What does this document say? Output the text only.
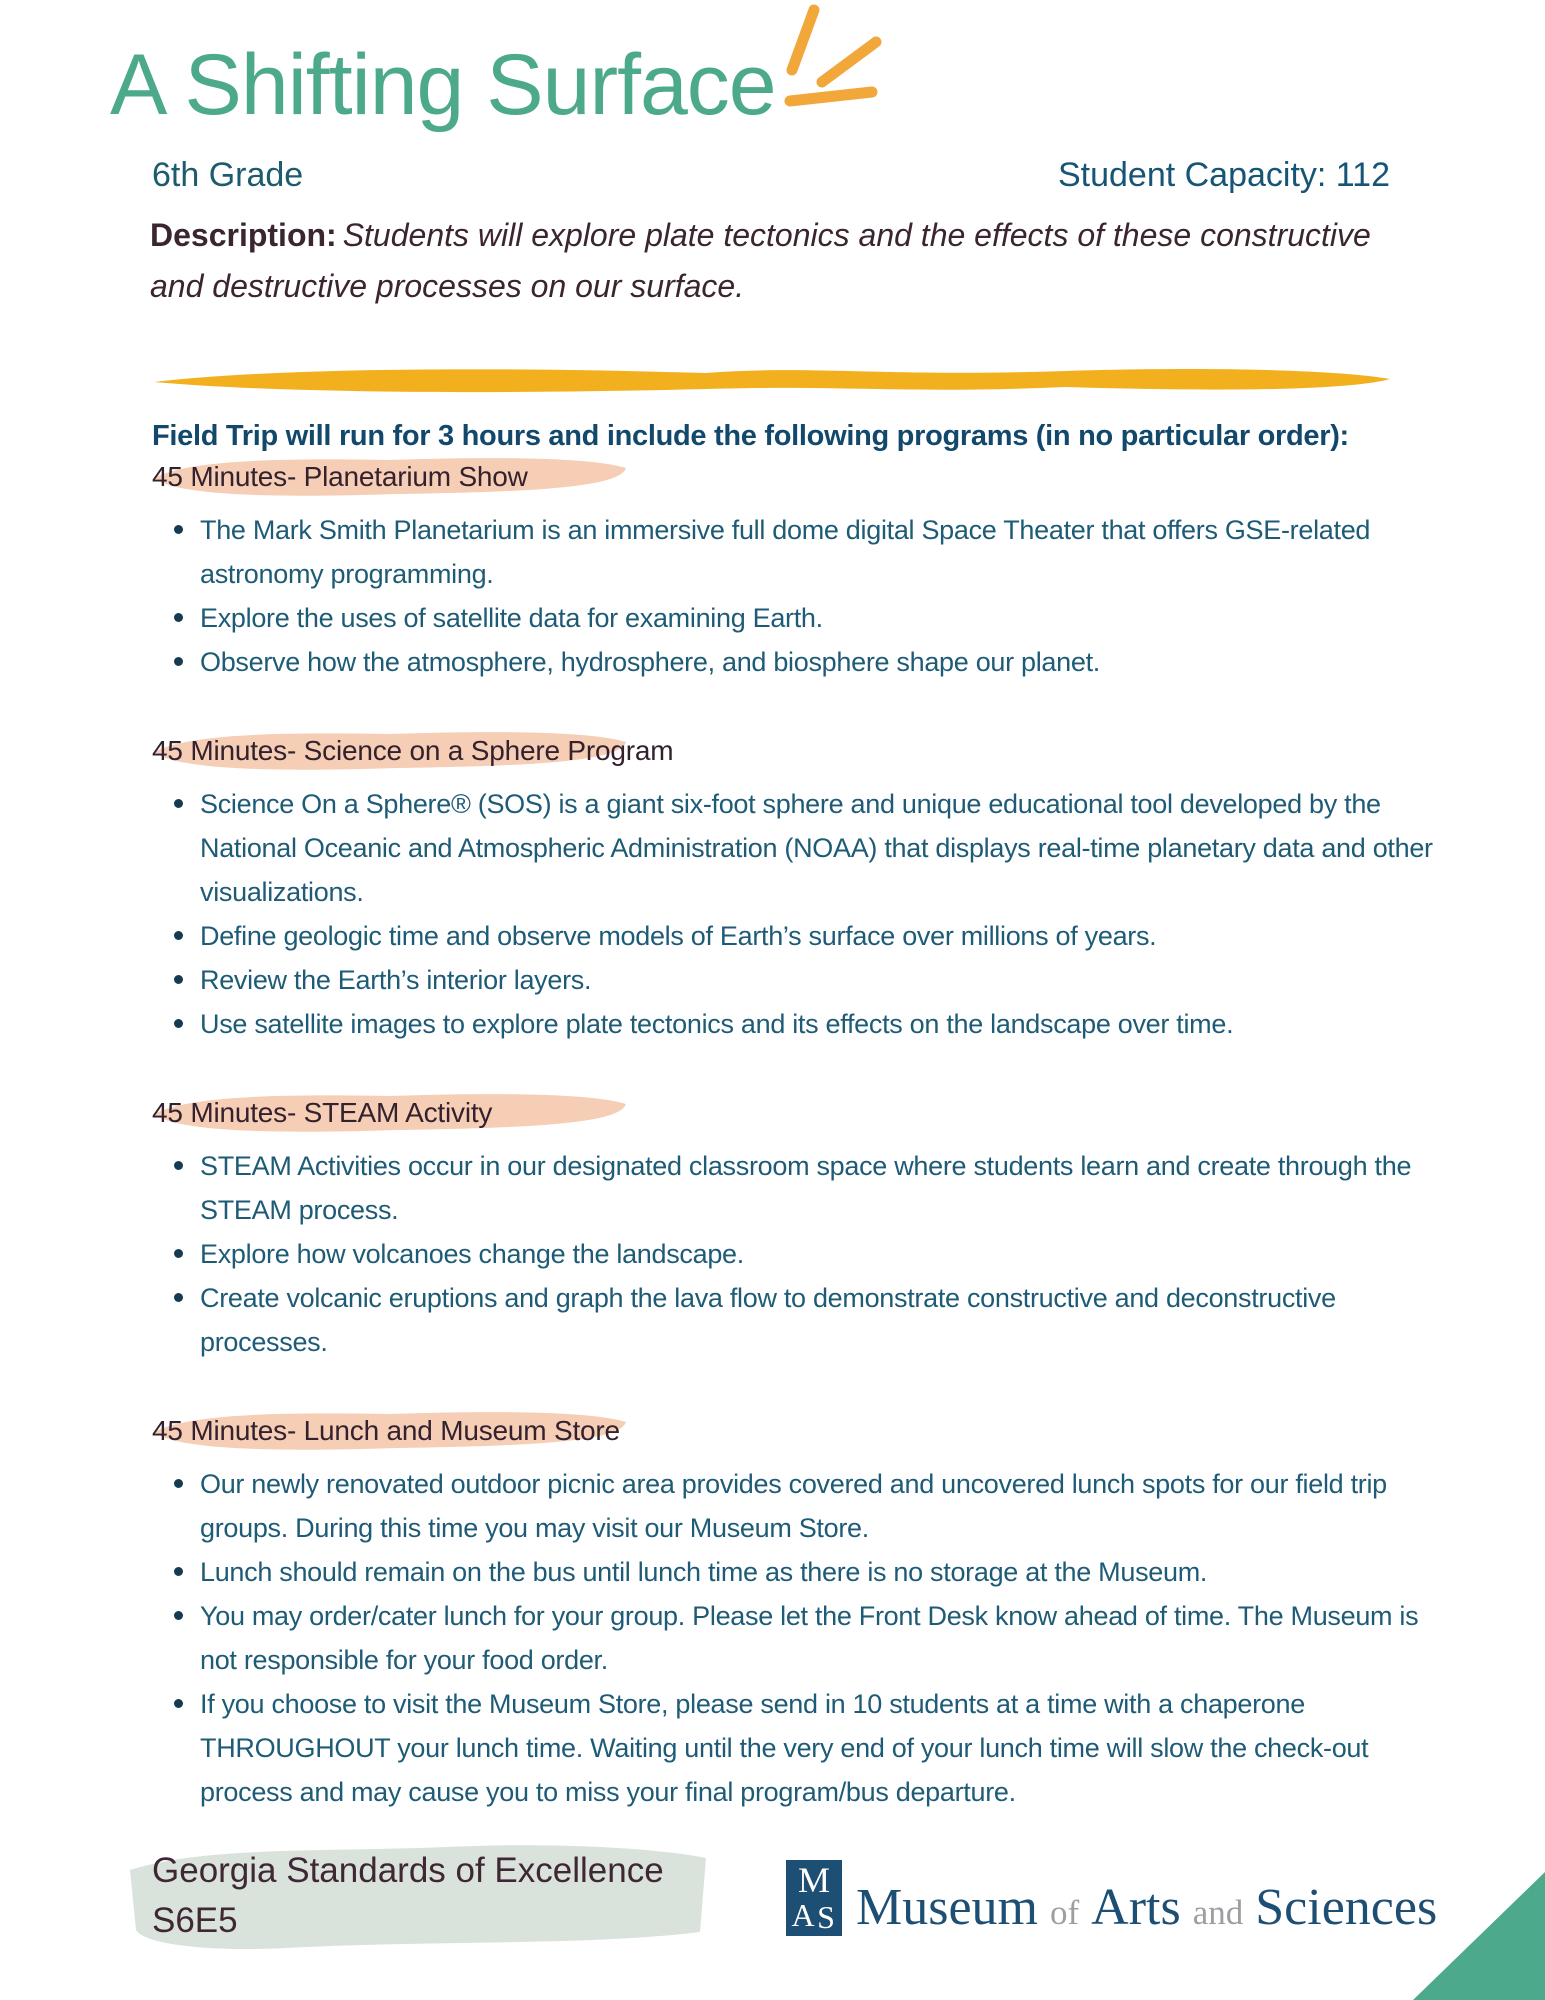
A Shifting Surface
6th Grade	Student Capacity: 112
Description: Students will explore plate tectonics and the effects of these constructive and destructive processes on our surface.
Field Trip will run for 3 hours and include the following programs (in no particular order):
45 Minutes- Planetarium Show
The Mark Smith Planetarium is an immersive full dome digital Space Theater that offers GSE-related astronomy programming.
Explore the uses of satellite data for examining Earth.
Observe how the atmosphere, hydrosphere, and biosphere shape our planet.
45 Minutes- Science on a Sphere Program
Science On a Sphere® (SOS) is a giant six-foot sphere and unique educational tool developed by the National Oceanic and Atmospheric Administration (NOAA) that displays real-time planetary data and other visualizations.
Define geologic time and observe models of Earth’s surface over millions of years.
Review the Earth’s interior layers.
Use satellite images to explore plate tectonics and its effects on the landscape over time.
45 Minutes- STEAM Activity
STEAM Activities occur in our designated classroom space where students learn and create through the STEAM process.
Explore how volcanoes change the landscape.
Create volcanic eruptions and graph the lava flow to demonstrate constructive and deconstructive processes.
45 Minutes- Lunch and Museum Store
Our newly renovated outdoor picnic area provides covered and uncovered lunch spots for our field trip groups. During this time you may visit our Museum Store.
Lunch should remain on the bus until lunch time as there is no storage at the Museum.
You may order/cater lunch for your group. Please let the Front Desk know ahead of time. The Museum is not responsible for your food order.
If you choose to visit the Museum Store, please send in 10 students at a time with a chaperone THROUGHOUT your lunch time. Waiting until the very end of your lunch time will slow the check-out process and may cause you to miss your final program/bus departure.
Georgia Standards of Excellence
S6E5
M
A S Museum of Arts and Sciences
